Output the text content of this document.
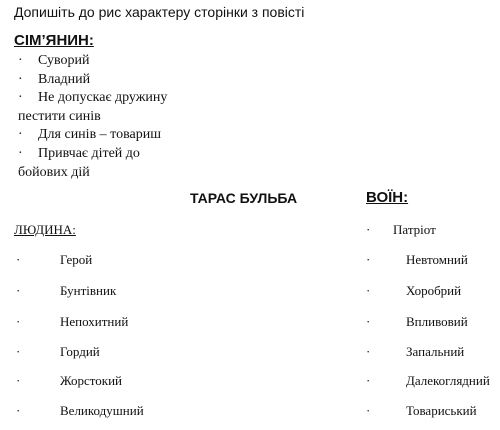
Допишіть до рис характеру сторінки з повісті
СІМ’ЯНИН:
·	Суворий
·	Владний
·	Не допускає дружину
пестити синів
·	Для синів – товариш
·	Привчає дітей до
бойових дій
ТАРАС БУЛЬБА	ВОЇН:
ЛЮДИНА:
·	Герой
·	Бунтівник
·	Непохитний
·	Гордий
·	Жорстокий
·	Великодушний
·	Патріот
·	Невтомний
·	Хоробрий
·	Впливовий
·	Запальний
·	Далекоглядний
·	Товариський
